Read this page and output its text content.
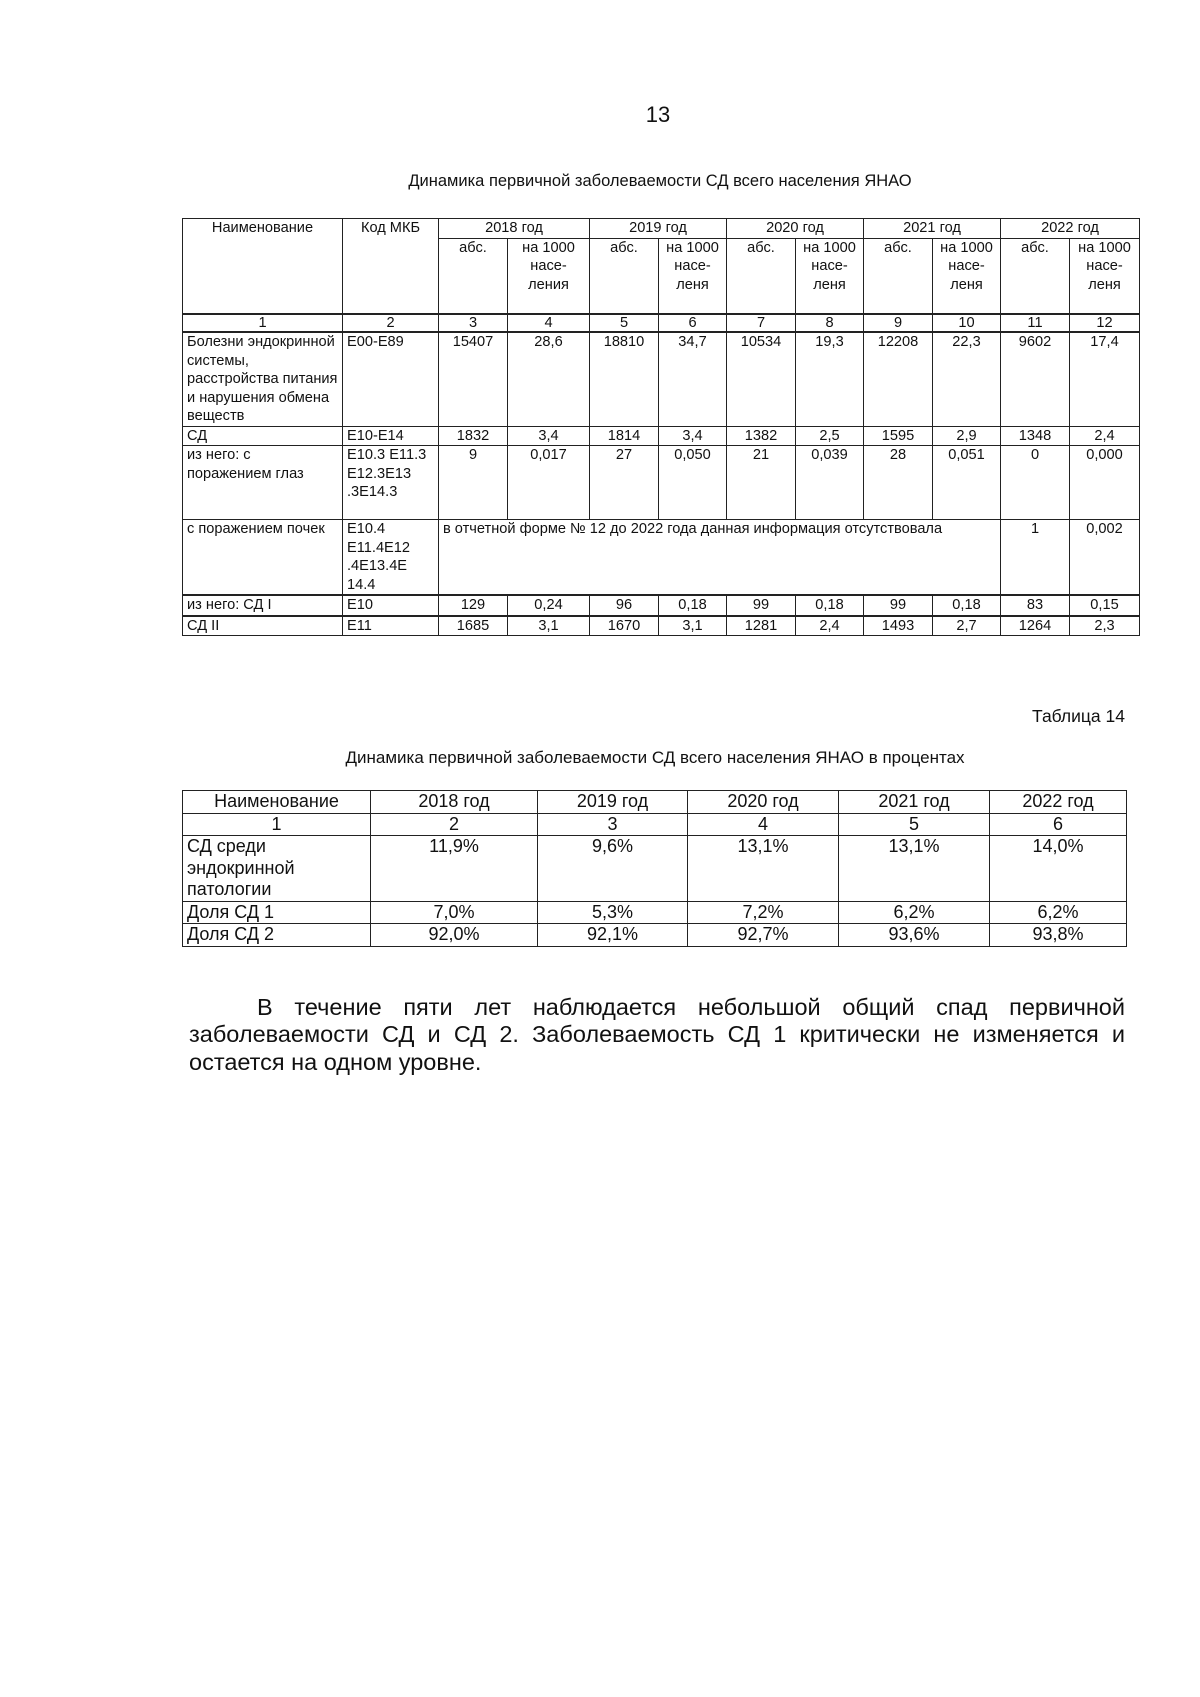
13
Динамика первичной заболеваемости СД всего населения ЯНАО
Наименование	Код МКБ	2018 год		2019 год		2020 год		2021 год		2022 год	
		абс.	на 1000 насе-ления	абс.	на 1000 насе-леня	абс.	на 1000 насе-леня	абс.	на 1000 насе-леня	абс.	на 1000 насе-леня
1	2	3	4	5	6	7	8	9	10	11	12
Болезни эндокринной системы, расстройства питания и нарушения обмена веществ	E00-E89	15407	28,6	18810	34,7	10534	19,3	12208	22,3	9602	17,4
СД	E10-E14	1832	3,4	1814	3,4	1382	2,5	1595	2,9	1348	2,4
из него: с поражением глаз	E10.3 E11.3 E12.3E13 .3E14.3	9	0,017	27	0,050	21	0,039	28	0,051	0	0,000
с поражением почек	E10.4 E11.4E12 .4E13.4E 14.4	в отчетной форме № 12 до 2022 года данная информация отсутствовала								1	0,002
из него: СД I	E10	129	0,24	96	0,18	99	0,18	99	0,18	83	0,15
СД II	E11	1685	3,1	1670	3,1	1281	2,4	1493	2,7	1264	2,3
Таблица 14
Динамика первичной заболеваемости СД всего населения ЯНАО в процентах
Наименование	2018 год	2019 год	2020 год	2021 год	2022 год
1	2	3	4	5	6
СД среди эндокринной патологии	11,9%	9,6%	13,1%	13,1%	14,0%
Доля СД 1	7,0%	5,3%	7,2%	6,2%	6,2%
Доля СД 2	92,0%	92,1%	92,7%	93,6%	93,8%

В течение пяти лет наблюдается небольшой общий спад первичной заболеваемости СД и СД 2. Заболеваемость СД 1 критически не изменяется и остается на одном уровне.
